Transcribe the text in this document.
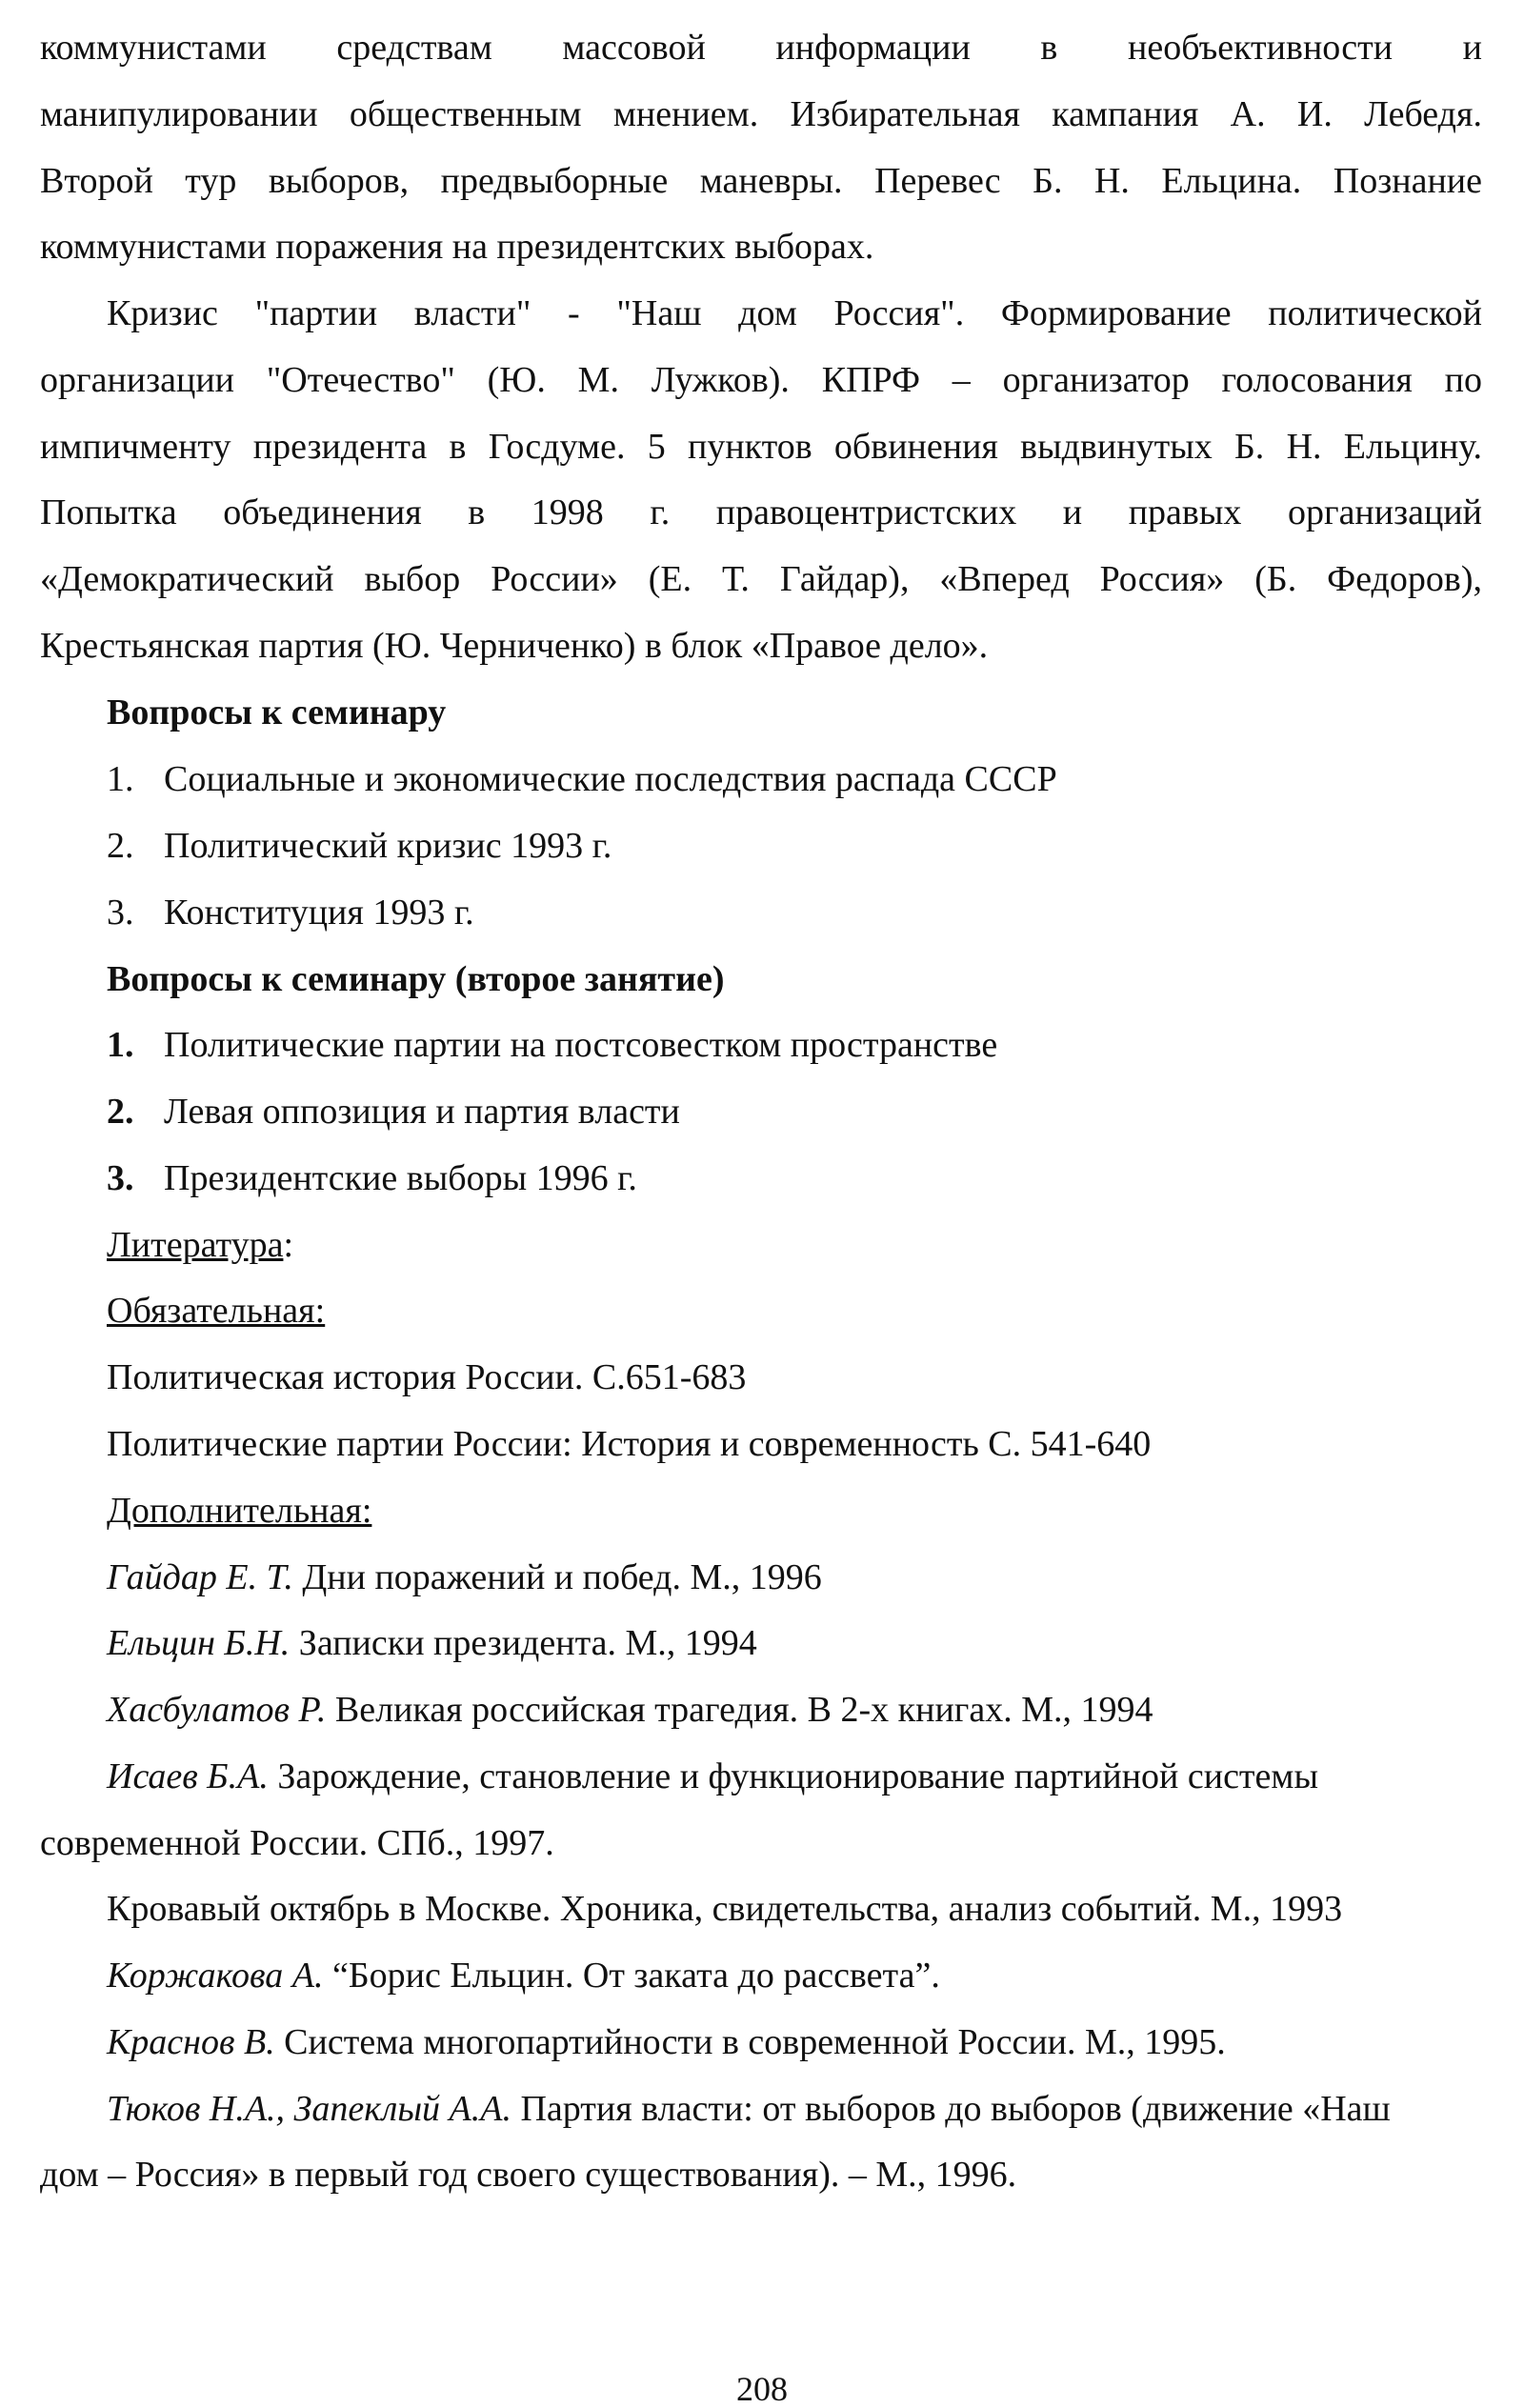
коммунистами средствам массовой информации в необъективности и
манипулировании общественным мнением. Избирательная кампания А. И. Лебедя.
Второй тур выборов, предвыборные маневры. Перевес Б. Н. Ельцина. Познание
коммунистами поражения на президентских выборах.
Кризис "партии власти" - "Наш дом Россия". Формирование политической
организации "Отечество" (Ю. М. Лужков). КПРФ – организатор голосования по
импичменту президента в Госдуме. 5 пунктов обвинения выдвинутых Б. Н. Ельцину.
Попытка объединения в 1998 г. правоцентристских и правых организаций
«Демократический выбор России» (Е. Т. Гайдар), «Вперед Россия» (Б. Федоров),
Крестьянская партия (Ю. Черниченко) в блок «Правое дело».
Вопросы к семинару
1. Социальные и экономические последствия распада СССР
2. Политический кризис 1993 г.
3. Конституция 1993 г.
Вопросы к семинару (второе занятие)
1. Политические партии на постсовестком пространстве
2. Левая оппозиция и партия власти
3. Президентские выборы 1996 г.
Литература:
Обязательная:
Политическая история России. С.651-683
Политические партии России: История и современность С. 541-640
Дополнительная:
Гайдар Е. Т. Дни поражений и побед. М., 1996
Ельцин Б.Н. Записки президента. М., 1994
Хасбулатов Р. Великая российская трагедия. В 2-х книгах. М., 1994
Исаев Б.А. Зарождение, становление и функционирование партийной системы
современной России. СПб., 1997.
Кровавый октябрь в Москве. Хроника, свидетельства, анализ событий. М., 1993
Коржакова А. “Борис Ельцин. От заката до рассвета”.
Краснов В. Система многопартийности в современной России. М., 1995.
Тюков Н.А., Запеклый А.А. Партия власти: от выборов до выборов (движение «Наш
дом – Россия» в первый год своего существования). – М., 1996.
208
